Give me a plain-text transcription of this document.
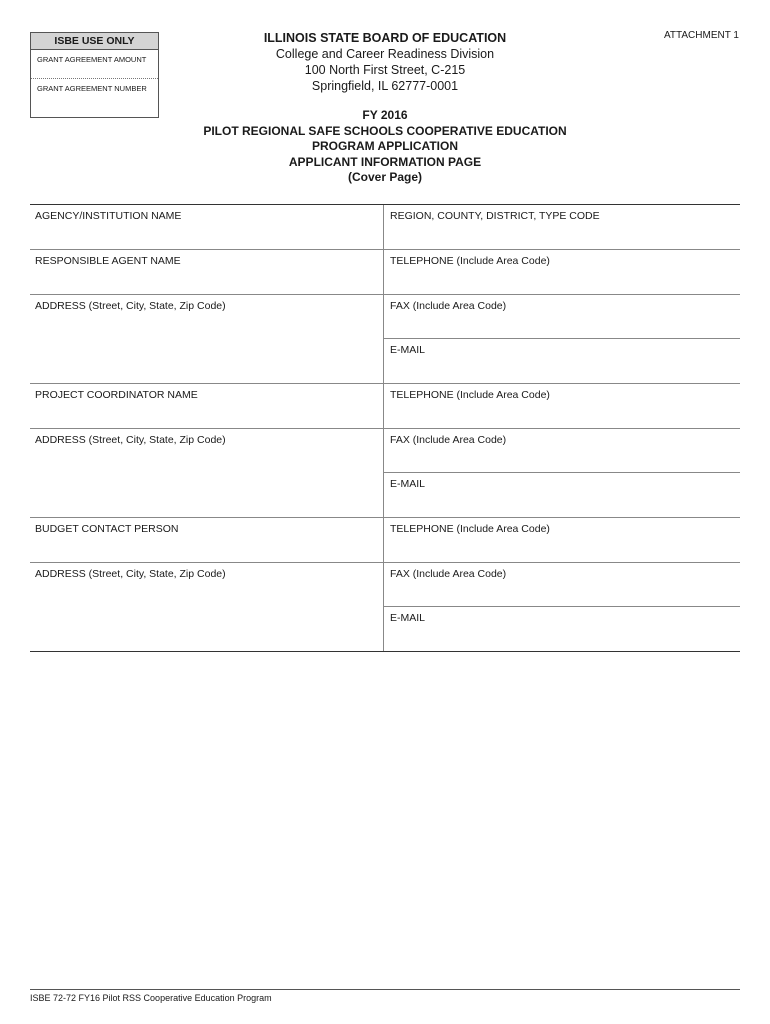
ISBE USE ONLY
GRANT AGREEMENT AMOUNT
GRANT AGREEMENT NUMBER
ATTACHMENT 1
ILLINOIS STATE BOARD OF EDUCATION
College and Career Readiness Division
100 North First Street, C-215
Springfield, IL 62777-0001
FY 2016
PILOT REGIONAL SAFE SCHOOLS COOPERATIVE EDUCATION
PROGRAM APPLICATION
APPLICANT INFORMATION PAGE
(Cover Page)
AGENCY/INSTITUTION NAME	REGION, COUNTY, DISTRICT, TYPE CODE
RESPONSIBLE AGENT NAME	TELEPHONE (Include Area Code)
ADDRESS (Street, City, State, Zip Code)	FAX (Include Area Code)
E-MAIL
PROJECT COORDINATOR NAME	TELEPHONE (Include Area Code)
ADDRESS (Street, City, State, Zip Code)	FAX (Include Area Code)
E-MAIL
BUDGET CONTACT PERSON	TELEPHONE (Include Area Code)
ADDRESS (Street, City, State, Zip Code)	FAX (Include Area Code)
E-MAIL
ISBE 72-72 FY16 Pilot RSS Cooperative Education Program
